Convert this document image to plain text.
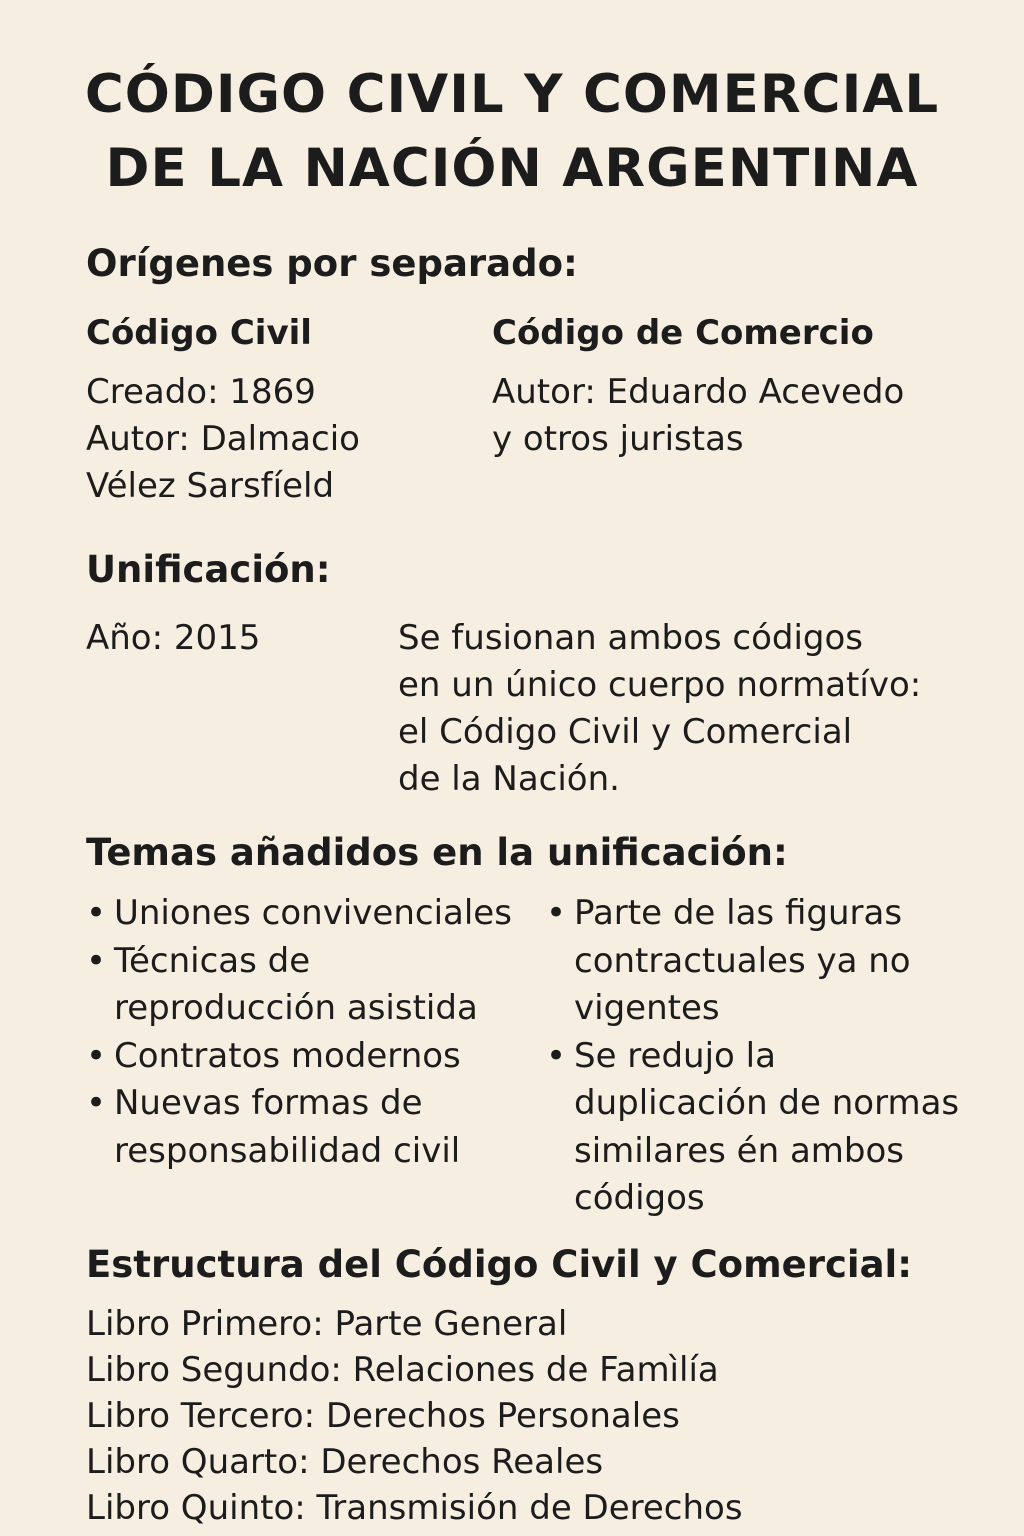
CÓDIGO CIVIL Y COMERCIAL
DE LA NACIÓN ARGENTINA
Orígenes por separado:
Código Civil
Creado: 1869
Autor: Dalmacio
Vélez Sarsfíeld
Código de Comercio
Autor: Eduardo Acevedo
y otros juristas
Unificación:
Año: 2015	Se fusionan ambos códigos
en un único cuerpo normatívo:
el Código Civil y Comercial
de la Nación.
Temas añadidos en la unificación:
• Uniones convivenciales
• Técnicas de
reproducción asistida
• Contratos modernos
• Nuevas formas de
responsabilidad civil
• Parte de las figuras
contractuales ya no
vigentes
• Se redujo la
duplicación de normas
similares én ambos
códigos
Estructura del Código Civil y Comercial:
Libro Primero: Parte General
Libro Segundo: Relaciones de Famìlía
Libro Tercero: Derechos Personales
Libro Quarto: Derechos Reales
Libro Quinto: Transmisión de Derechos
